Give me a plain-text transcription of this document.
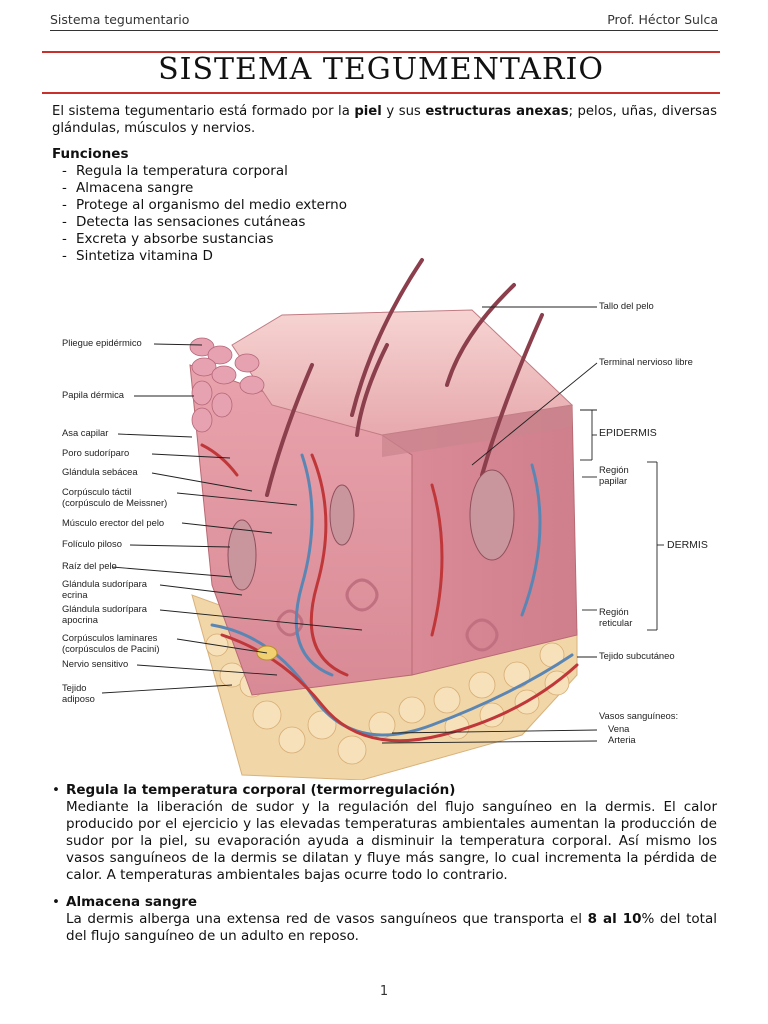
Sistema tegumentario	Prof. Héctor Sulca
SISTEMA TEGUMENTARIO
El sistema tegumentario está formado por la piel y sus estructuras anexas; pelos, uñas, diversas glándulas, músculos y nervios.
Funciones
- Regula la temperatura corporal
- Almacena sangre
- Protege al organismo del medio externo
- Detecta las sensaciones cutáneas
- Excreta y absorbe sustancias
- Sintetiza vitamina D
Pliegue epidérmico
Papila dérmica
Asa capilar
Poro sudoríparo
Glándula sebácea
Corpúsculo táctil
(corpúsculo de Meissner)
Músculo erector del pelo
Folículo piloso
Raíz del pelo
Glándula sudorípara
ecrina
Glándula sudorípara
apocrina
Corpúsculos laminares
(corpúsculos de Pacini)
Nervio sensitivo
Tejido
adiposo
Tallo del pelo
Terminal nervioso libre
EPIDERMIS
Región
papilar
DERMIS
Región
reticular
Tejido subcutáneo
Vasos sanguíneos:
Vena
Arteria
• Regula la temperatura corporal (termorregulación)
Mediante la liberación de sudor y la regulación del flujo sanguíneo en la dermis. El calor producido por el ejercicio y las elevadas temperaturas ambientales aumentan la producción de sudor por la piel, su evaporación ayuda a disminuir la temperatura corporal. Así mismo los vasos sanguíneos de la dermis se dilatan y fluye más sangre, lo cual incrementa la pérdida de calor. A temperaturas ambientales bajas ocurre todo lo contrario.
• Almacena sangre
La dermis alberga una extensa red de vasos sanguíneos que transporta el 8 al 10% del total del flujo sanguíneo de un adulto en reposo.
1
